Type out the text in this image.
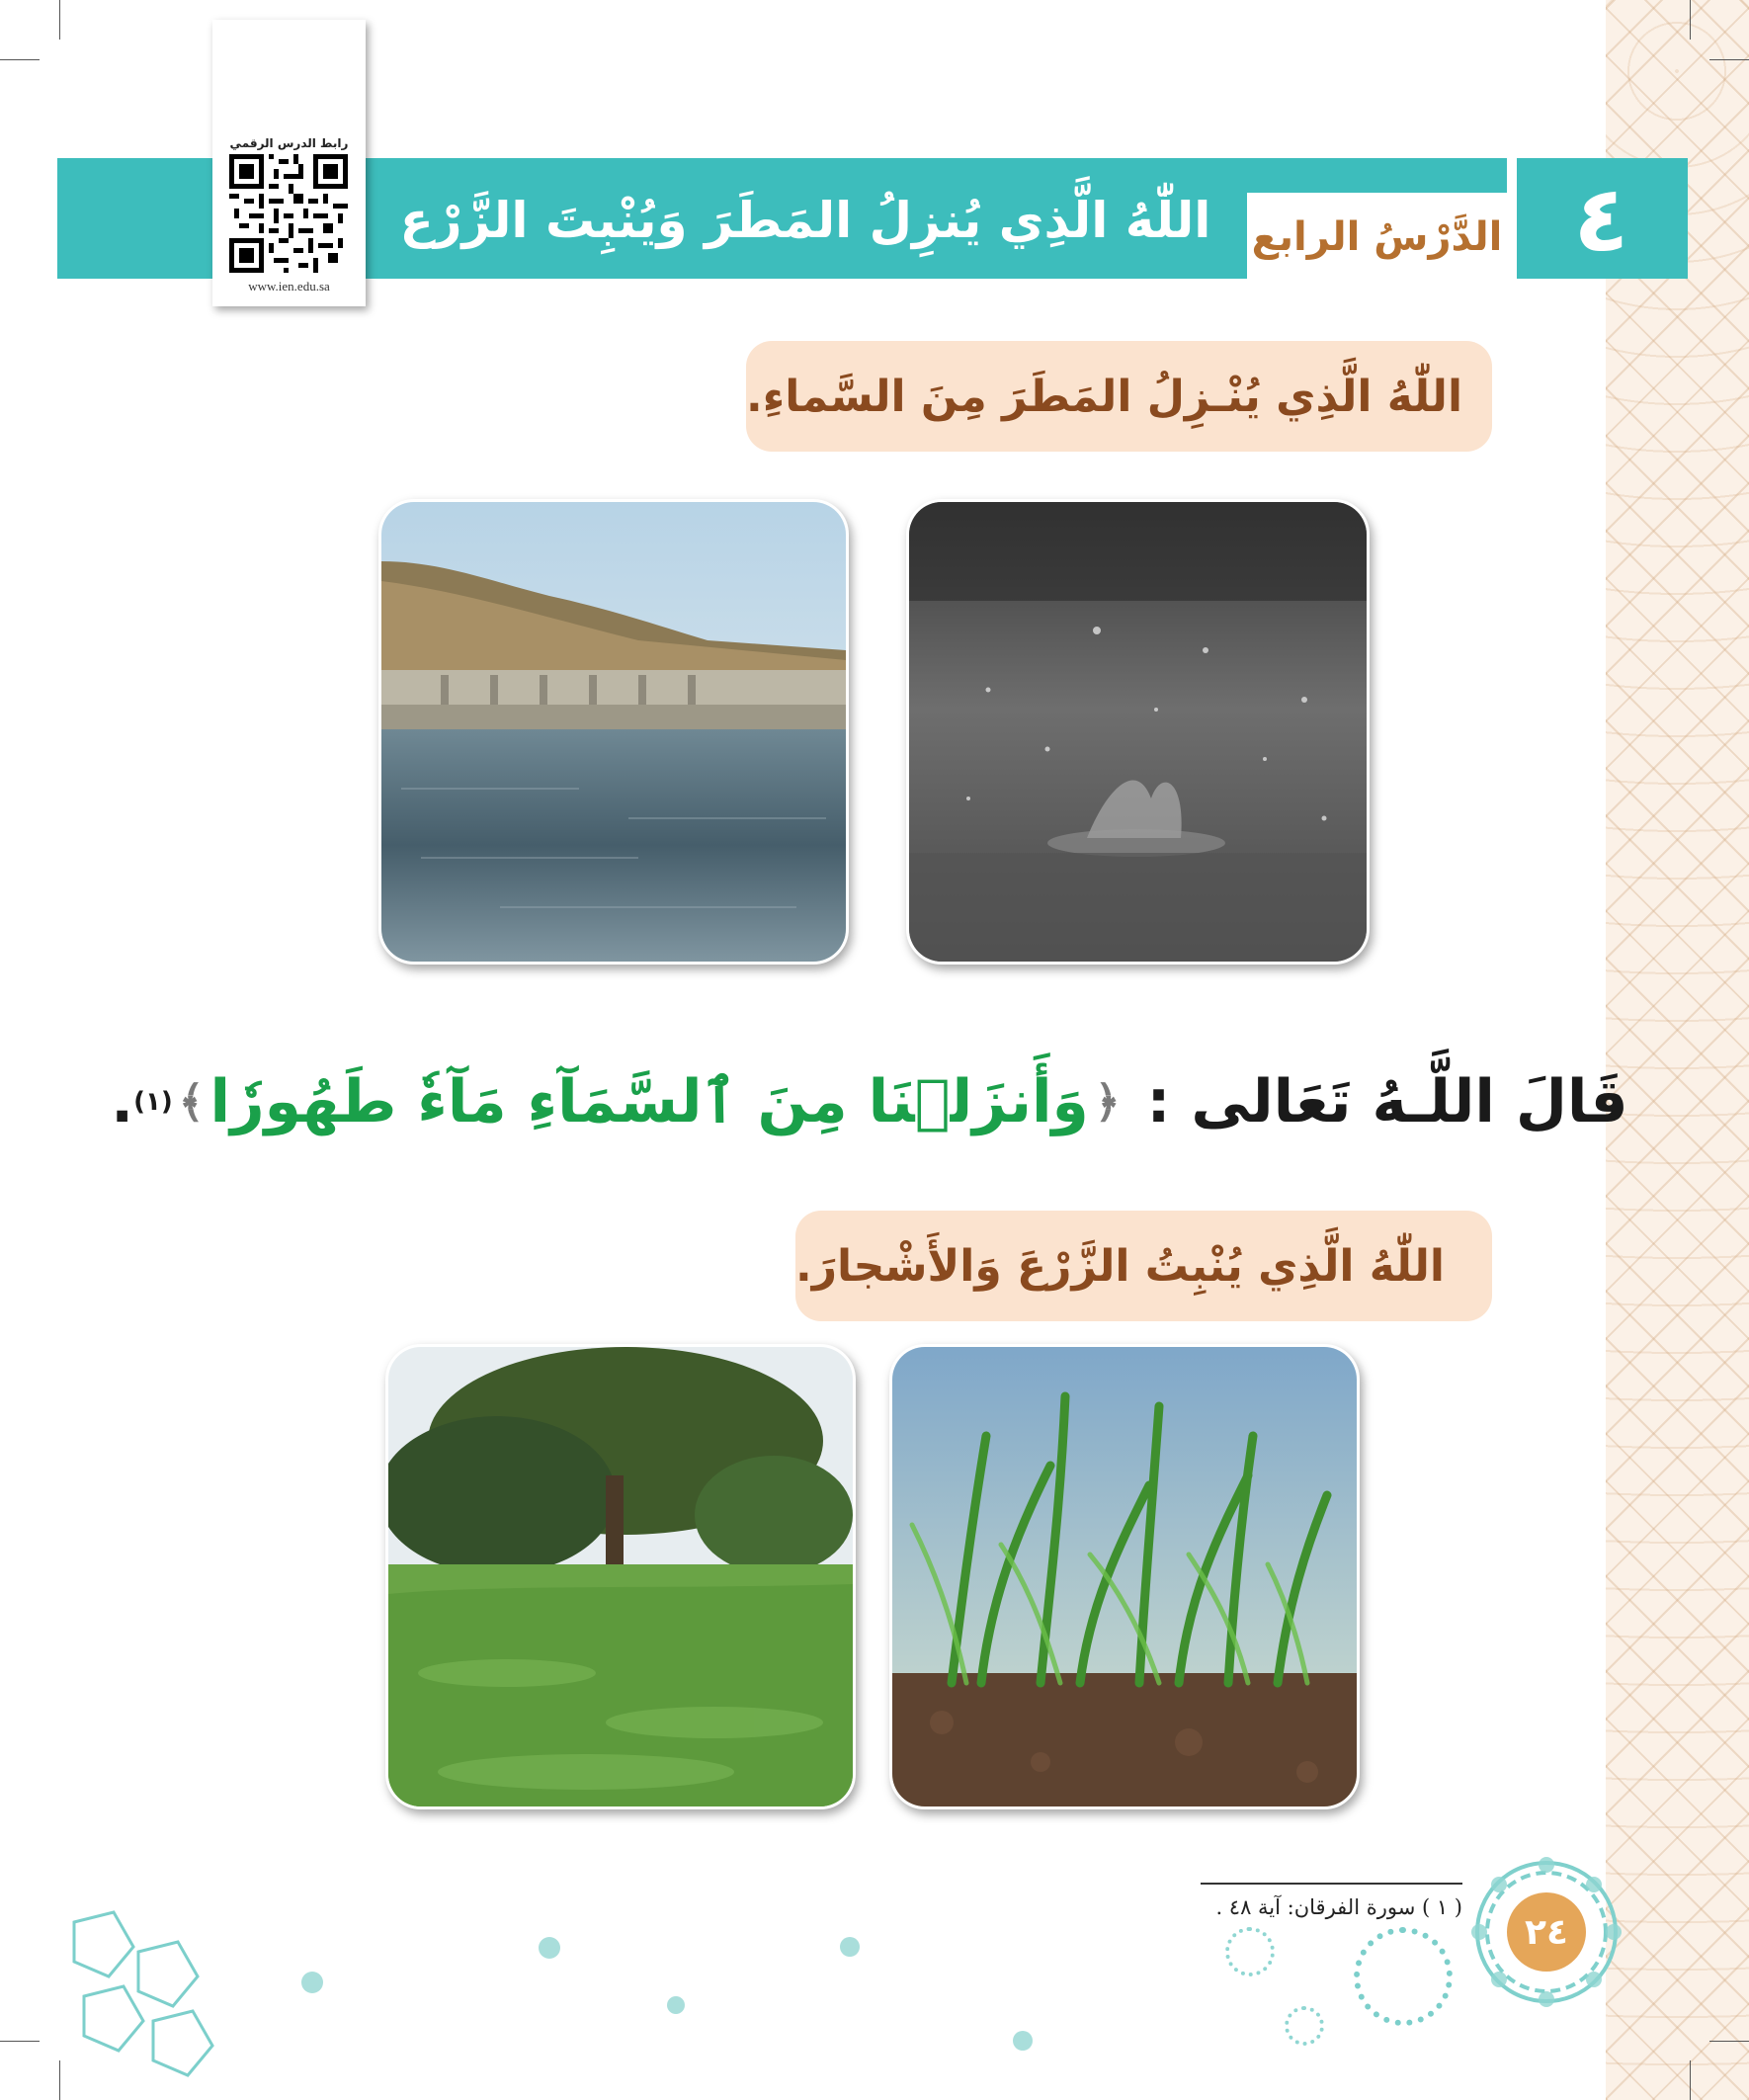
٤
الدَّرْسُ الرابع
اللّٰهُ الَّذِي يُنزِلُ المَطَرَ وَيُنْبِتَ الزَّرْع
رابط الدرس الرقمي
www.ien.edu.sa
اللّٰهُ الَّذِي يُنْـزِلُ المَطَرَ مِنَ السَّماءِ.
قَالَ اللَّـهُ تَعَالى :

﴿
وَأَنزَلۡنَا مِنَ ٱلسَّمَآءِ مَآءٗ طَهُورٗا
﴾
(١)
.
اللّٰهُ الَّذِي يُنْبِتُ الزَّرْعَ وَالأَشْجارَ.
( ١ ) سورة الفرقان: آية ٤٨ .
٢٤
